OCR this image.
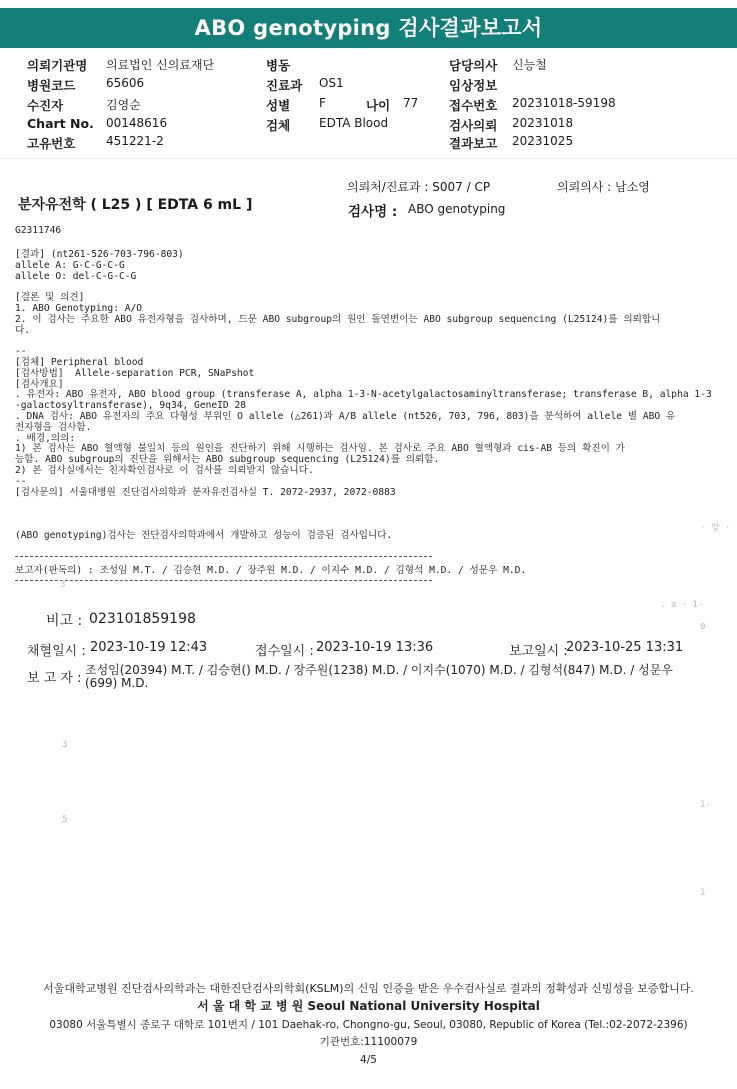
ABO genotyping 검사결과보고서
의뢰기관명 의료법인 신의료재단	병동	담당의사 신능철
병원코드	65606	진료과 OS1	임상정보
수진자	김영순	성별 F	나이 77 접수번호 20231018-59198
Chart No. 00148616	검체 EDTA Blood	검사의뢰 20231018
고유번호	451221-2	결과보고 20231025
분자유전학 ( L25 ) [ EDTA 6 mL ]
의뢰처/진료과 : S007 / CP	의뢰의사 : 남소영
검사명 : ABO genotyping
G2311746
[결과] (nt261-526-703-796-803)
allele A: G-C-G-C-G
allele O: del-C-G-C-G

[결론 및 의견]
1. ABO Genotyping: A/O
2. 이 검사는 주요한 ABO 유전자형을 검사하며, 드문 ABO subgroup의 원인 돌연변이는 ABO subgroup sequencing (L25124)를 의뢰합니
다.

--
[검체] Peripheral blood
[검사방법]  Allele-separation PCR, SNaPshot
[검사개요]
. 유전자: ABO 유전자, ABO blood group (transferase A, alpha 1-3-N-acetylgalactosaminyltransferase; transferase B, alpha 1-3
-galactosyltransferase), 9q34, GeneID 28
. DNA 검사: ABO 유전자의 주요 다형성 부위인 O allele (△261)과 A/B allele (nt526, 703, 796, 803)을 분석하여 allele 별 ABO 유
전자형을 검사함.
. 배경,의의:
1) 본 검사는 ABO 혈액형 불일치 등의 원인을 진단하기 위해 시행하는 검사임. 본 검사로 주요 ABO 혈액형과 cis-AB 등의 확진이 가
능함. ABO subgroup의 진단을 위해서는 ABO subgroup sequencing (L25124)를 의뢰함.
2) 본 검사실에서는 친자확인검사로 이 검사를 의뢰받지 않습니다.
--
[검사문의] 서울대병원 진단검사의학과 분자유전검사실 T. 2072-2937, 2072-0883
(ABO genotyping)검사는 진단검사의학과에서 개발하고 성능이 검증된 검사입니다.
보고자(판독의) : 조성임 M.T. / 김승현 M.D. / 장주원 M.D. / 이지수 M.D. / 김형석 M.D. / 성문우 M.D.
비고 : 023101859198
채혈일시 : 2023-10-19 12:43	접수일시 : 2023-10-19 13:36	보고일시 :
2023-10-25 13:31
보 고 자 :
조성임(20394) M.T. / 김승현() M.D. / 장주원(1238) M.D. / 이지수(1070) M.D. / 김형석(847) M.D. / 성문우
(699) M.D.
· 항 ·
. a · 1-
0
1-
1
3
3
5
서울대학교병원 진단검사의학과는 대한진단검사의학회(KSLM)의 신임 인증을 받은 우수검사실로 결과의 정확성과 신빙성을 보증합니다.
서 울 대 학 교 병 원 Seoul National University Hospital
03080 서울특별시 종로구 대학로 101번지 / 101 Daehak-ro, Chongno-gu, Seoul, 03080, Republic of Korea (Tel.:02-2072-2396)
기관번호:11100079
4/5
